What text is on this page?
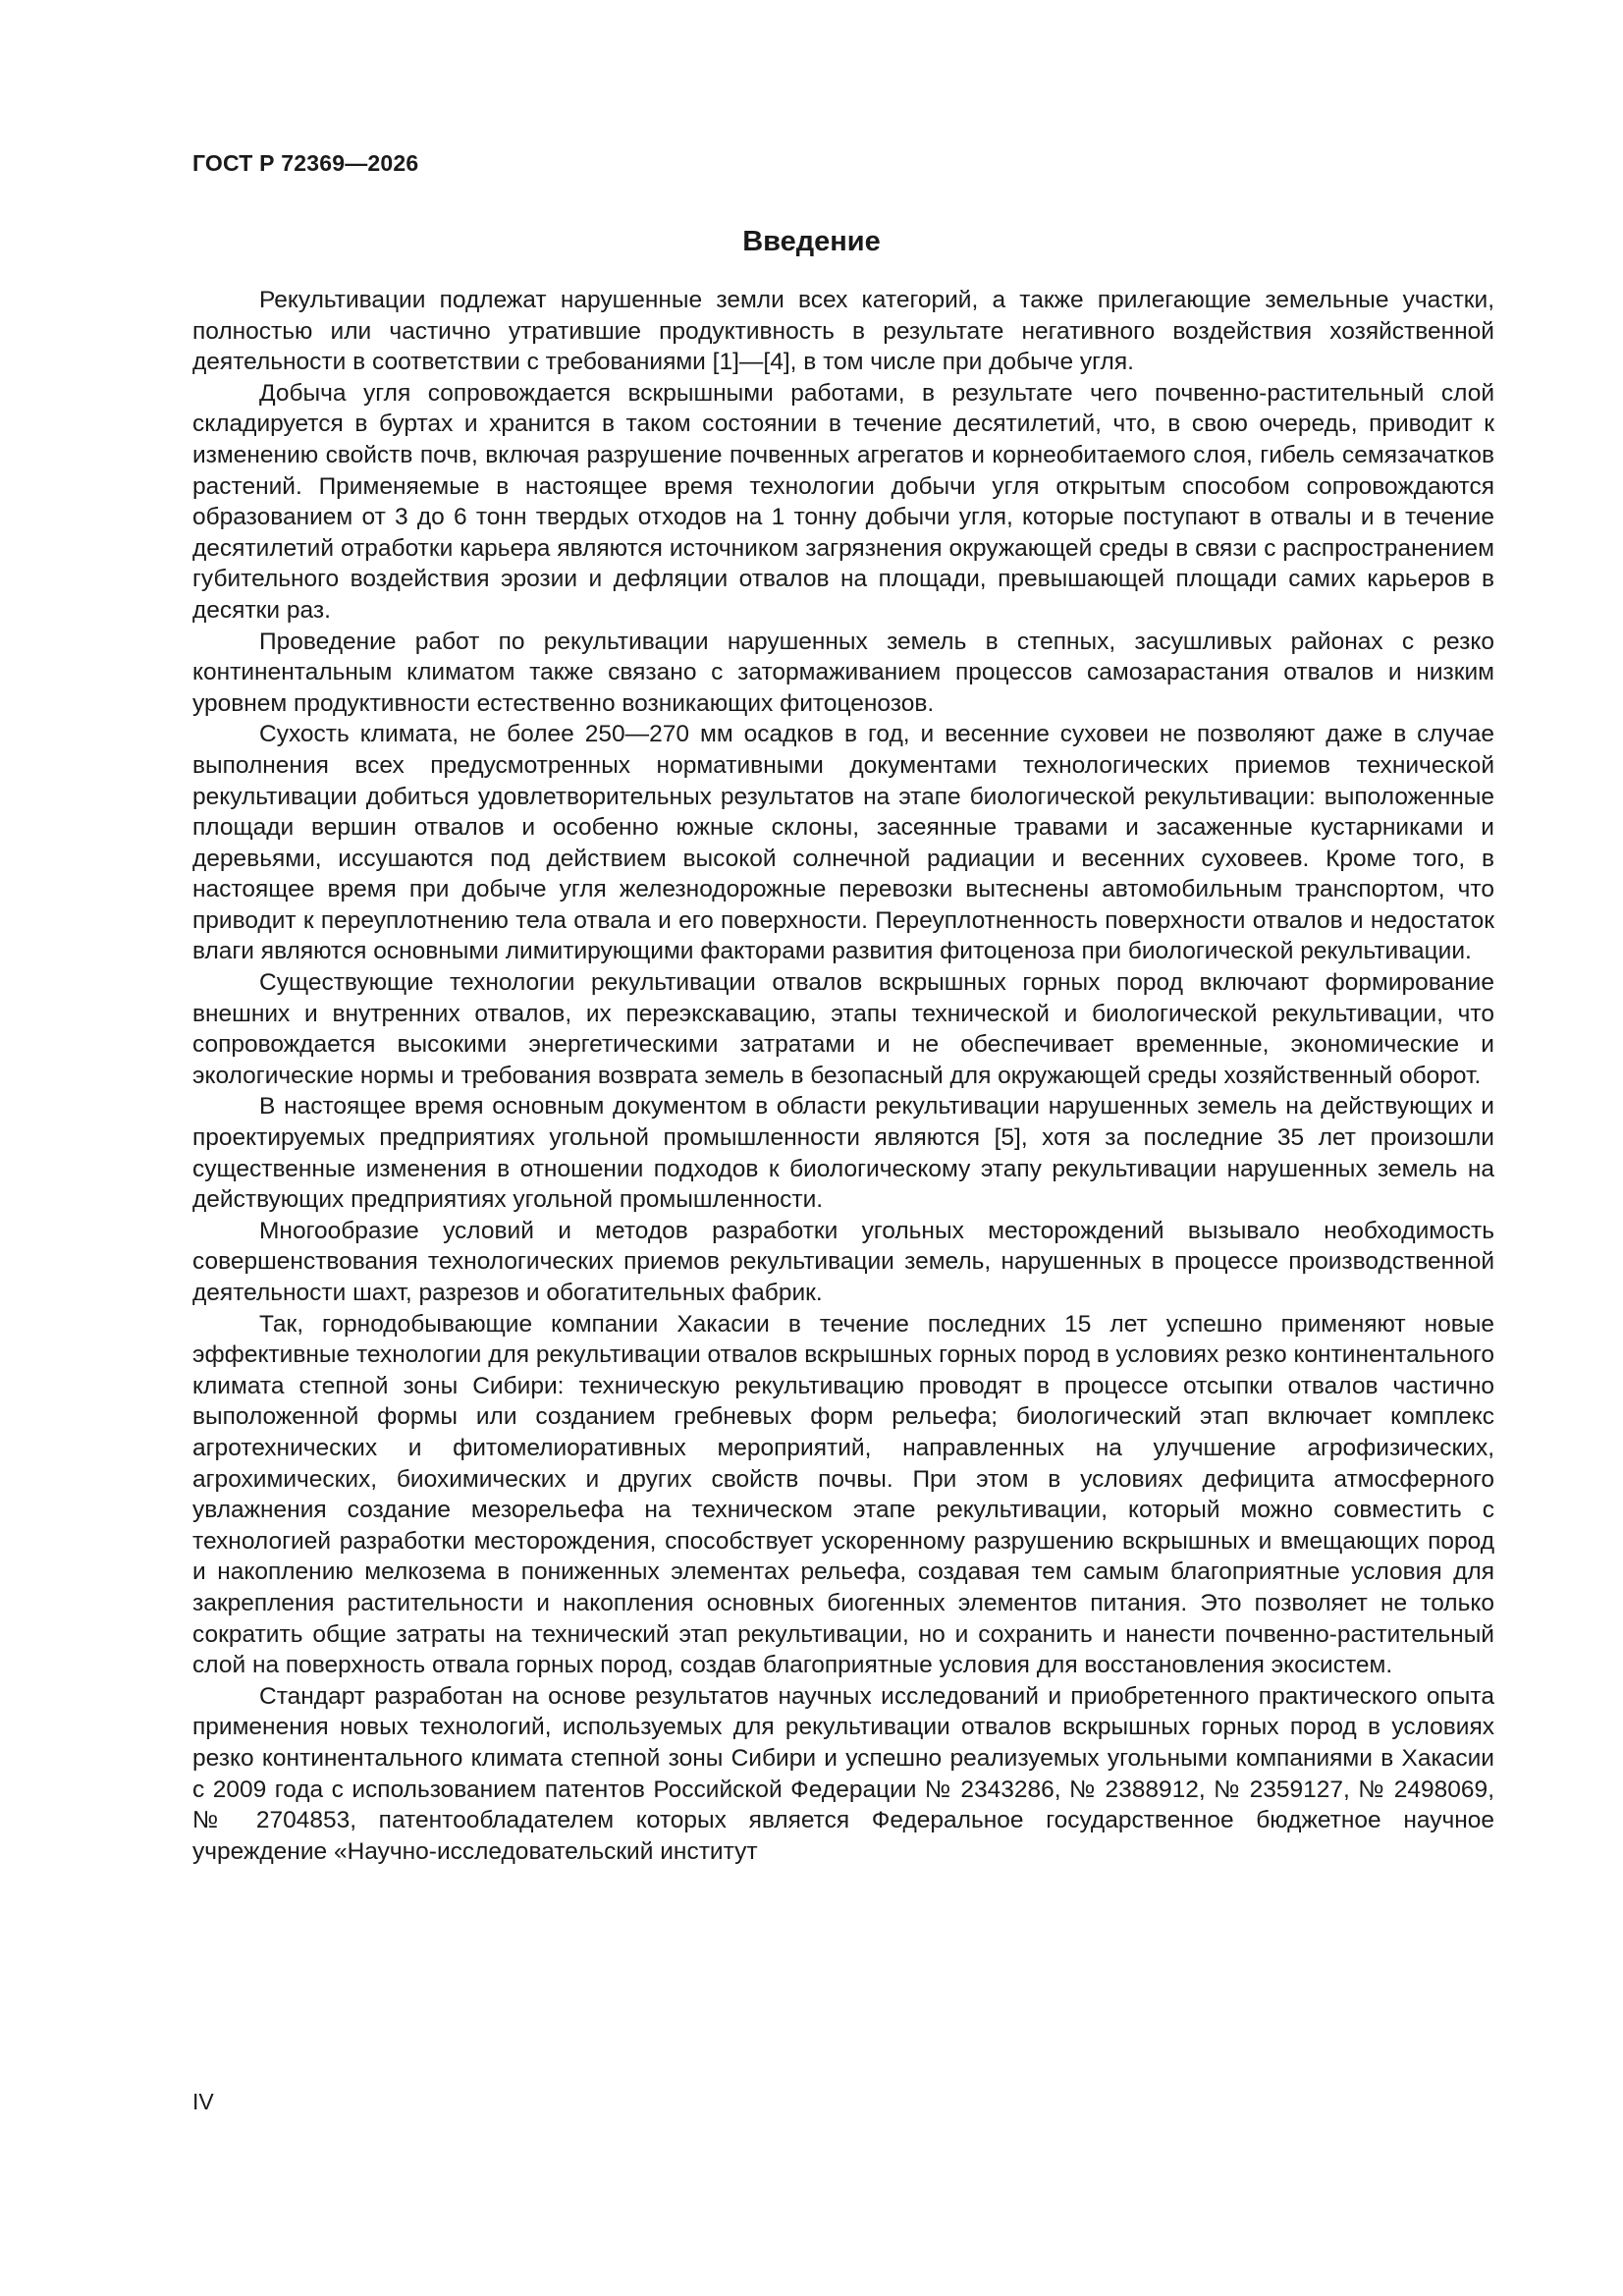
ГОСТ Р 72369—2026
Введение

Рекультивации подлежат нарушенные земли всех категорий, а также прилегающие земельные участки, полностью или частично утратившие продуктивность в результате негативного воздействия хозяйственной деятельности в соответствии с требованиями [1]—[4], в том числе при добыче угля.

Добыча угля сопровождается вскрышными работами, в результате чего почвенно-растительный слой складируется в буртах и хранится в таком состоянии в течение десятилетий, что, в свою очередь, приводит к изменению свойств почв, включая разрушение почвенных агрегатов и корнеобитаемого слоя, гибель семязачатков растений. Применяемые в настоящее время технологии добычи угля открытым способом сопровождаются образованием от 3 до 6 тонн твердых отходов на 1 тонну добычи угля, которые поступают в отвалы и в течение десятилетий отработки карьера являются источником загрязнения окружающей среды в связи с распространением губительного воздействия эрозии и дефляции отвалов на площади, превышающей площади самих карьеров в десятки раз.

Проведение работ по рекультивации нарушенных земель в степных, засушливых районах с резко континентальным климатом также связано с затормаживанием процессов самозарастания отвалов и низким уровнем продуктивности естественно возникающих фитоценозов.

Сухость климата, не более 250—270 мм осадков в год, и весенние суховеи не позволяют даже в случае выполнения всех предусмотренных нормативными документами технологических приемов технической рекультивации добиться удовлетворительных результатов на этапе биологической рекультивации: выположенные площади вершин отвалов и особенно южные склоны, засеянные травами и засаженные кустарниками и деревьями, иссушаются под действием высокой солнечной радиации и весенних суховеев. Кроме того, в настоящее время при добыче угля железнодорожные перевозки вытеснены автомобильным транспортом, что приводит к переуплотнению тела отвала и его поверхности. Переуплотненность поверхности отвалов и недостаток влаги являются основными лимитирующими факторами развития фитоценоза при биологической рекультивации.

Существующие технологии рекультивации отвалов вскрышных горных пород включают формирование внешних и внутренних отвалов, их переэкскавацию, этапы технической и биологической рекультивации, что сопровождается высокими энергетическими затратами и не обеспечивает временные, экономические и экологические нормы и требования возврата земель в безопасный для окружающей среды хозяйственный оборот.

В настоящее время основным документом в области рекультивации нарушенных земель на действующих и проектируемых предприятиях угольной промышленности являются [5], хотя за последние 35 лет произошли существенные изменения в отношении подходов к биологическому этапу рекультивации нарушенных земель на действующих предприятиях угольной промышленности.

Многообразие условий и методов разработки угольных месторождений вызывало необходимость совершенствования технологических приемов рекультивации земель, нарушенных в процессе производственной деятельности шахт, разрезов и обогатительных фабрик.

Так, горнодобывающие компании Хакасии в течение последних 15 лет успешно применяют новые эффективные технологии для рекультивации отвалов вскрышных горных пород в условиях резко континентального климата степной зоны Сибири: техническую рекультивацию проводят в процессе отсыпки отвалов частично выположенной формы или созданием гребневых форм рельефа; биологический этап включает комплекс агротехнических и фитомелиоративных мероприятий, направленных на улучшение агрофизических, агрохимических, биохимических и других свойств почвы. При этом в условиях дефицита атмосферного увлажнения создание мезорельефа на техническом этапе рекультивации, который можно совместить с технологией разработки месторождения, способствует ускоренному разрушению вскрышных и вмещающих пород и накоплению мелкозема в пониженных элементах рельефа, создавая тем самым благоприятные условия для закрепления растительности и накопления основных биогенных элементов питания. Это позволяет не только сократить общие затраты на технический этап рекультивации, но и сохранить и нанести почвенно-растительный слой на поверхность отвала горных пород, создав благоприятные условия для восстановления экосистем.

Стандарт разработан на основе результатов научных исследований и приобретенного практического опыта применения новых технологий, используемых для рекультивации отвалов вскрышных горных пород в условиях резко континентального климата степной зоны Сибири и успешно реализуемых угольными компаниями в Хакасии с 2009 года с использованием патентов Российской Федерации № 2343286, № 2388912, № 2359127, № 2498069, № 2704853, патентообладателем которых является Федеральное государственное бюджетное научное учреждение «Научно-исследовательский институт

IV
